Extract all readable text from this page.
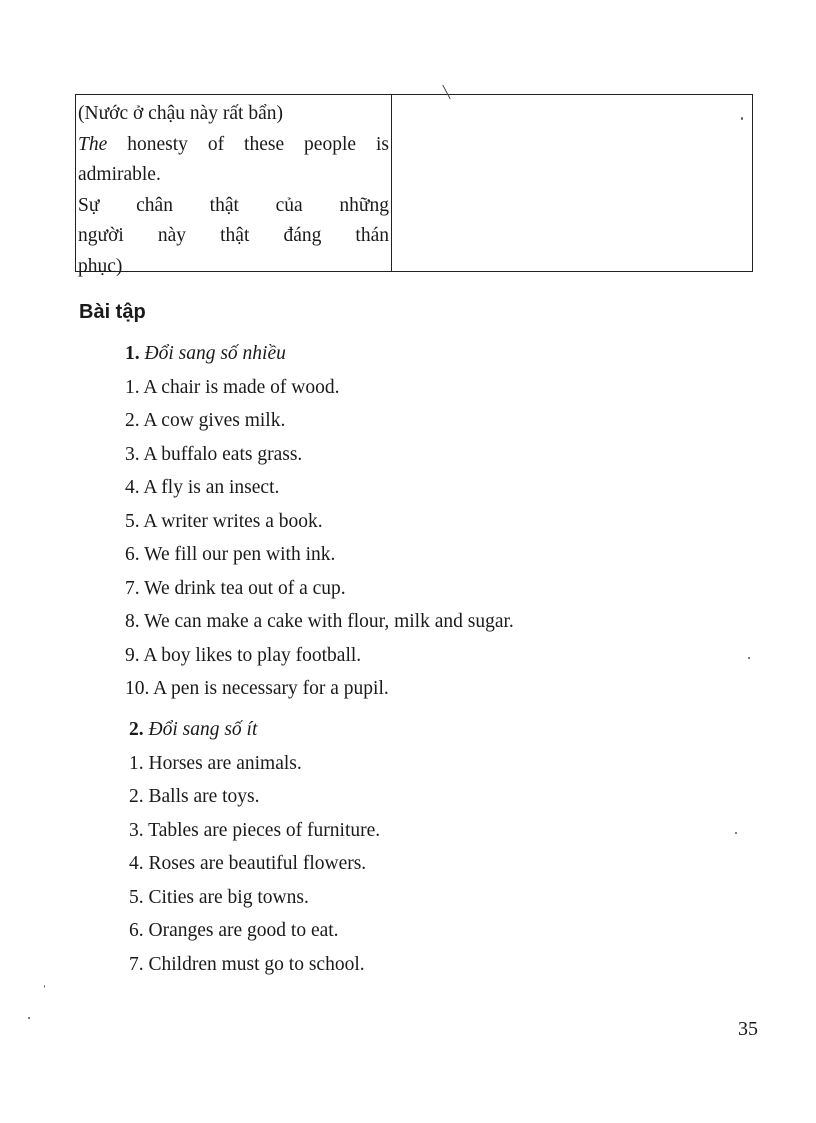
(Nước ở chậu này rất bẩn)
The honesty of these people is
admirable.
Sự chân thật của những
người này thật đáng thán
phục)
Bài tập
1. Đổi sang số nhiều
1. A chair is made of wood.
2. A cow gives milk.
3. A buffalo eats grass.
4. A fly is an insect.
5. A writer writes a book.
6. We fill our pen with ink.
7. We drink tea out of a cup.
8. We can make a cake with flour, milk and sugar.
9. A boy likes to play football.
10. A pen is necessary for a pupil.
2. Đổi sang số ít
1. Horses are animals.
2. Balls are toys.
3. Tables are pieces of furniture.
4. Roses are beautiful flowers.
5. Cities are big towns.
6. Oranges are good to eat.
7. Children must go to school.
35
